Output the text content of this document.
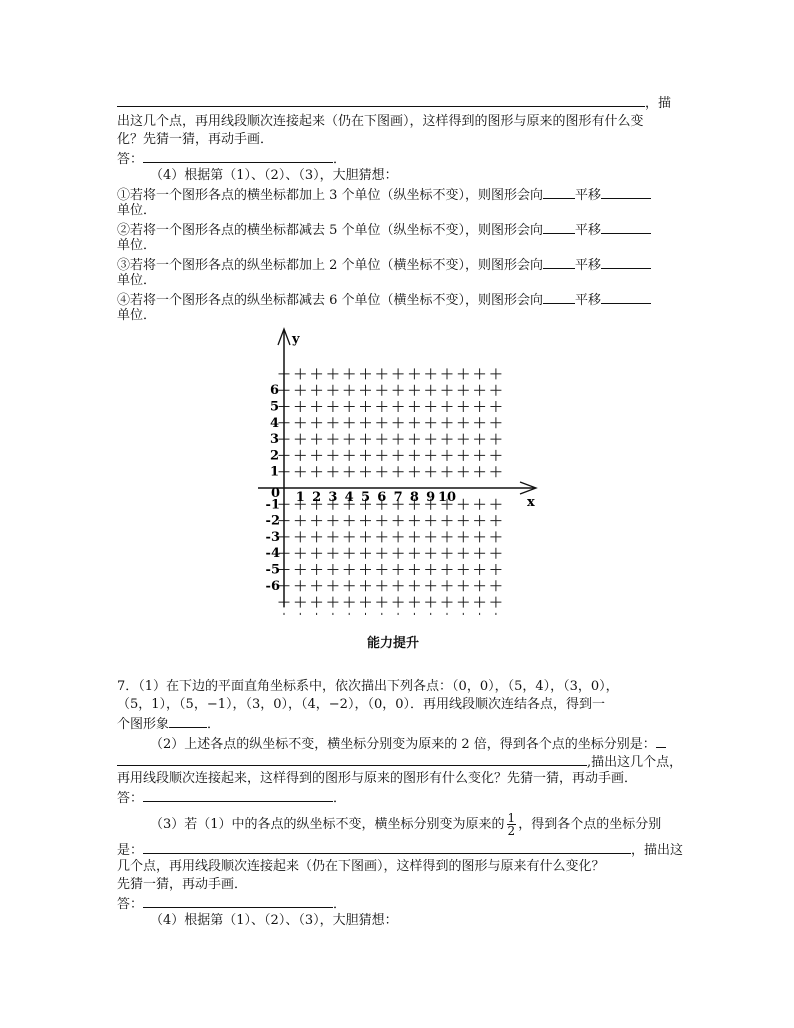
，描
出这几个点，再用线段顺次连接起来（仍在下图画），这样得到的图形与原来的图形有什么变
化？先猜一猜，再动手画．
答：	．
（4）根据第（1）、（2）、（3），大胆猜想：
①若将一个图形各点的横坐标都加上 3 个单位（纵坐标不变），则图形会向 平移
单位．
②若将一个图形各点的横坐标都减去 5 个单位（纵坐标不变），则图形会向 平移
单位．
③若将一个图形各点的纵坐标都加上 2 个单位（横坐标不变），则图形会向 平移
单位．
④若将一个图形各点的纵坐标都减去 6 个单位（横坐标不变），则图形会向 平移
单位．
y
x
0 1 2 3 4 5 6 7 8 9 10
1
2
3
4
5
6
-1
-2
-3
-4
-5
-6
能力提升
7．（1）在下边的平面直角坐标系中，依次描出下列各点：（0，0），（5，4），（3，0），
（5，1），（5，−1），（3，0），（4，−2），（0，0）．再用线段顺次连结各点，得到一
个图形象	．
（2）上述各点的纵坐标不变，横坐标分别变为原来的 2 倍，得到各个点的坐标分别是：
,描出这几个点，
再用线段顺次连接起来，这样得到的图形与原来的图形有什么变化？先猜一猜，再动手画．
答：	．
（3）若（1）中的各点的纵坐标不变，横坐标分别变为原来的 $\frac{1}{2}$ ，得到各个点的坐标分别
是：	，描出这
几个点，再用线段顺次连接起来（仍在下图画），这样得到的图形与原来有什么变化？
先猜一猜，再动手画．
答：	．
（4）根据第（1）、（2）、（3），大胆猜想：
